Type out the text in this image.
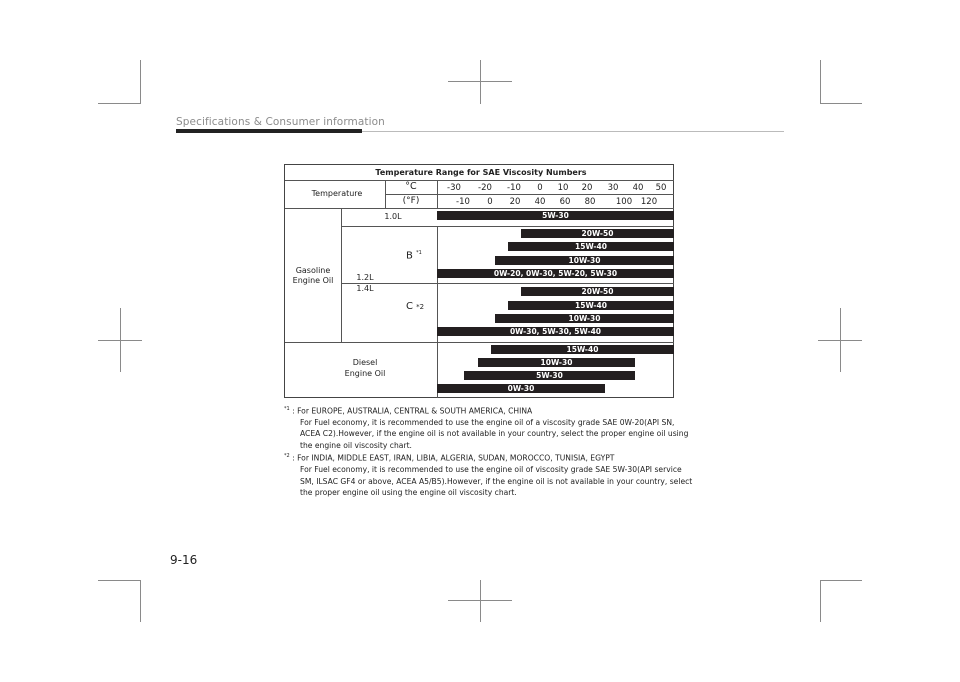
Specifications & Consumer information
Temperature Range for SAE Viscosity Numbers
Temperature
°C
(°F)
-30 -20 -10 0 10 20 30 40 50
-10 0 20 40 60 80 100 120
Gasoline
Engine Oil
1.0L
1.2L
1.4L
B $^{*1}$
C *2
Diesel
Engine Oil
5W-30
20W-50
15W-40
10W-30
0W-20, 0W-30, 5W-20, 5W-30
20W-50
15W-40
10W-30
0W-30, 5W-30, 5W-40
15W-40
10W-30
5W-30
0W-30
$^{*1}$ : For EUROPE, AUSTRALIA, CENTRAL & SOUTH AMERICA, CHINA
For Fuel economy, it is recommended to use the engine oil of a viscosity grade SAE 0W-20(API SN, ACEA C2).However, if the engine oil is not available in your country, select the proper engine oil using the engine oil viscosity chart.
$^{*2}$ : For INDIA, MIDDLE EAST, IRAN, LIBIA, ALGERIA, SUDAN, MOROCCO, TUNISIA, EGYPT
For Fuel economy, it is recommended to use the engine oil of viscosity grade SAE 5W-30(API service SM, ILSAC GF4 or above, ACEA A5/B5).However, if the engine oil is not available in your country, select the proper engine oil using the engine oil viscosity chart.
9-16
